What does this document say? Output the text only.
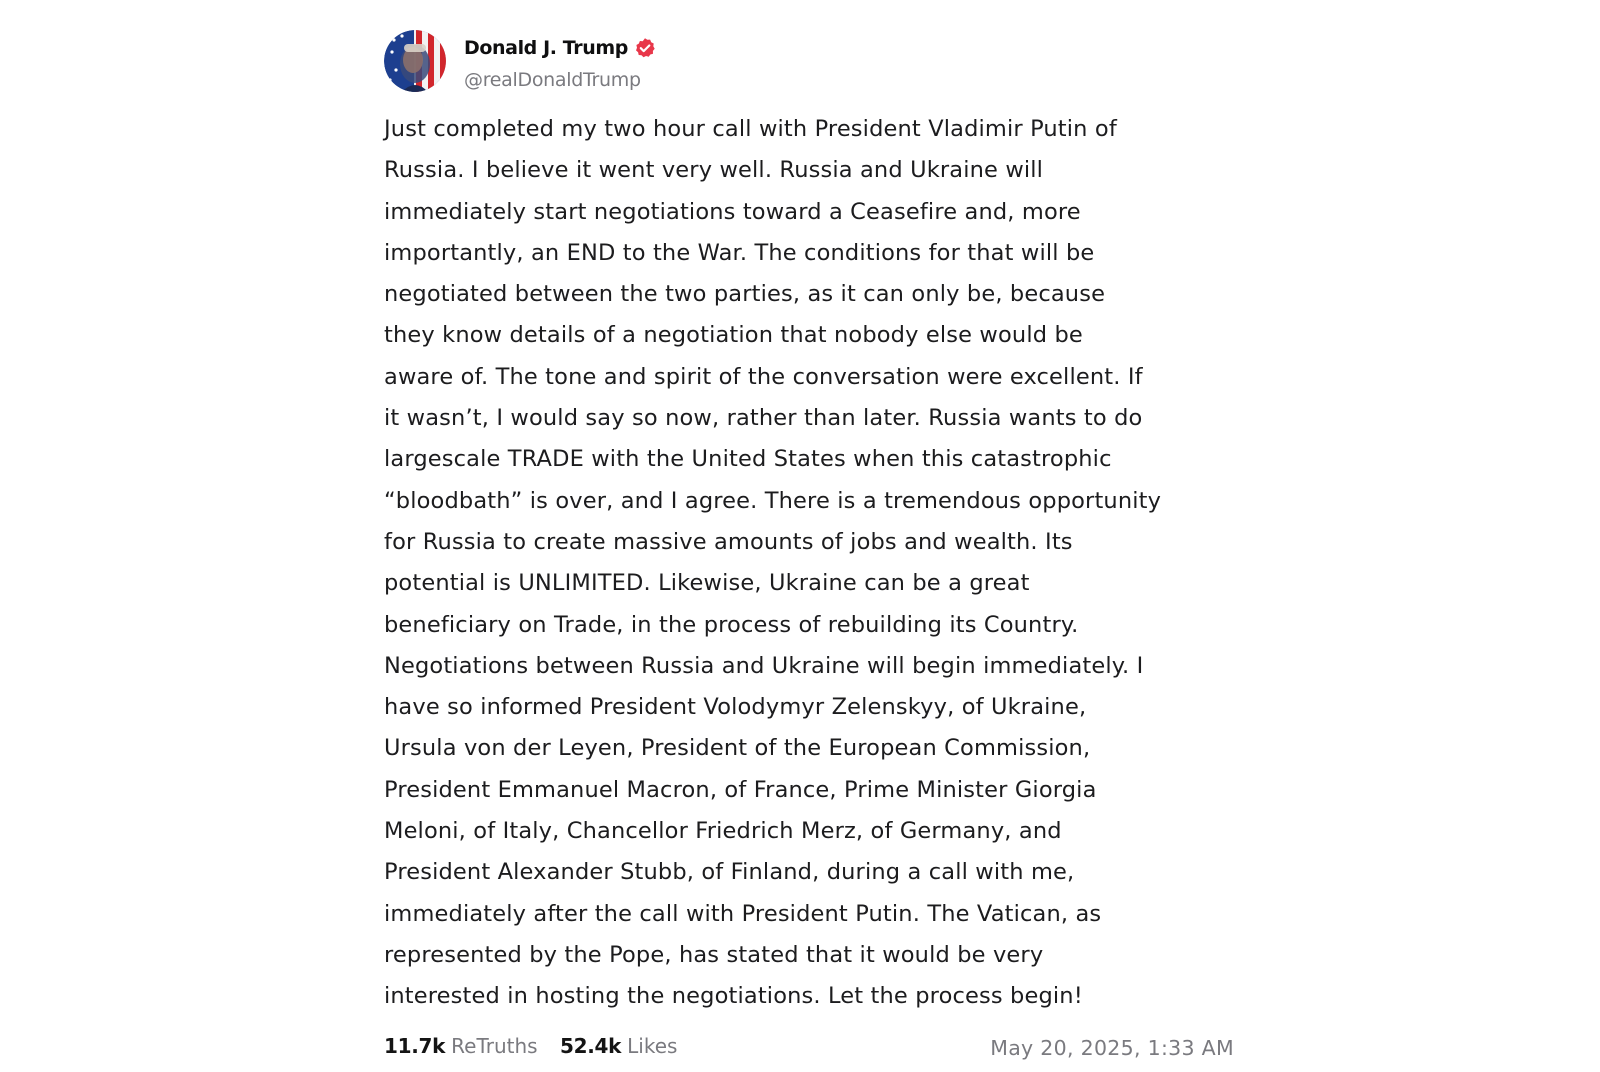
Donald J. Trump
@realDonaldTrump
Just completed my two hour call with President Vladimir Putin of
Russia. I believe it went very well. Russia and Ukraine will
immediately start negotiations toward a Ceasefire and, more
importantly, an END to the War. The conditions for that will be
negotiated between the two parties, as it can only be, because
they know details of a negotiation that nobody else would be
aware of. The tone and spirit of the conversation were excellent. If
it wasn’t, I would say so now, rather than later. Russia wants to do
largescale TRADE with the United States when this catastrophic
“bloodbath” is over, and I agree. There is a tremendous opportunity
for Russia to create massive amounts of jobs and wealth. Its
potential is UNLIMITED. Likewise, Ukraine can be a great
beneficiary on Trade, in the process of rebuilding its Country.
Negotiations between Russia and Ukraine will begin immediately. I
have so informed President Volodymyr Zelenskyy, of Ukraine,
Ursula von der Leyen, President of the European Commission,
President Emmanuel Macron, of France, Prime Minister Giorgia
Meloni, of Italy, Chancellor Friedrich Merz, of Germany, and
President Alexander Stubb, of Finland, during a call with me,
immediately after the call with President Putin. The Vatican, as
represented by the Pope, has stated that it would be very
interested in hosting the negotiations. Let the process begin!
11.7k ReTruths 52.4k Likes	May 20, 2025, 1:33 AM
